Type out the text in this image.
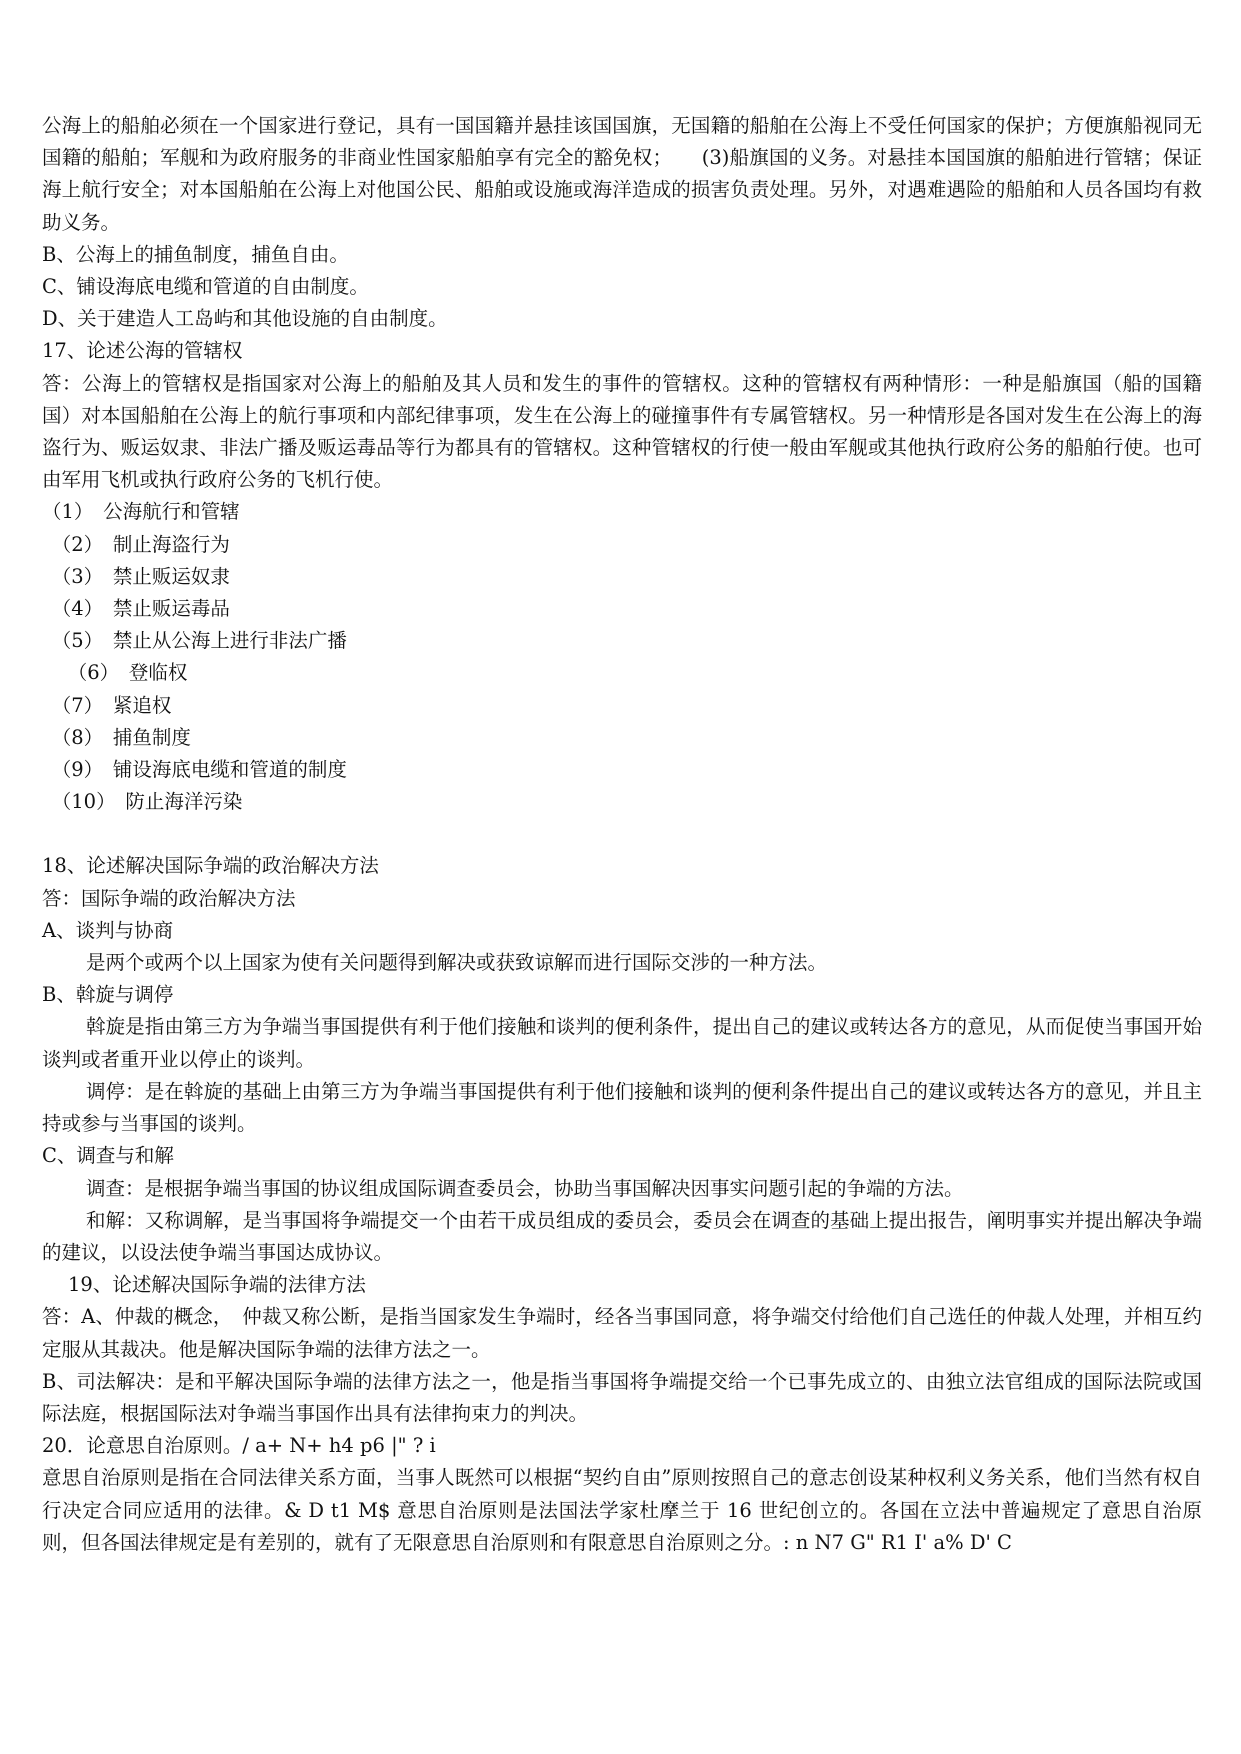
公海上的船舶必须在一个国家进行登记，具有一国国籍并悬挂该国国旗，无国籍的船舶在公海上不受任何国家的保护；方便旗船视同无国籍的船舶；军舰和为政府服务的非商业性国家船舶享有完全的豁免权；　　(3)船旗国的义务。对悬挂本国国旗的船舶进行管辖；保证海上航行安全；对本国船舶在公海上对他国公民、船舶或设施或海洋造成的损害负责处理。另外，对遇难遇险的船舶和人员各国均有救助义务。
B、公海上的捕鱼制度，捕鱼自由。
C、铺设海底电缆和管道的自由制度。
D、关于建造人工岛屿和其他设施的自由制度。
17、论述公海的管辖权
答：公海上的管辖权是指国家对公海上的船舶及其人员和发生的事件的管辖权。这种的管辖权有两种情形：一种是船旗国（船的国籍国）对本国船舶在公海上的航行事项和内部纪律事项，发生在公海上的碰撞事件有专属管辖权。另一种情形是各国对发生在公海上的海盗行为、贩运奴隶、非法广播及贩运毒品等行为都具有的管辖权。这种管辖权的行使一般由军舰或其他执行政府公务的船舶行使。也可由军用飞机或执行政府公务的飞机行使。
（1）　公海航行和管辖
　（2）　制止海盗行为
　（3）　禁止贩运奴隶
　（4）　禁止贩运毒品
　（5）　禁止从公海上进行非法广播
　 （6）　登临权
　（7）　紧追权
　（8）　捕鱼制度
　（9）　铺设海底电缆和管道的制度
　（10）　防止海洋污染
18、论述解决国际争端的政治解决方法
答：国际争端的政治解决方法
A、谈判与协商
是两个或两个以上国家为使有关问题得到解决或获致谅解而进行国际交涉的一种方法。
B、斡旋与调停
斡旋是指由第三方为争端当事国提供有利于他们接触和谈判的便利条件，提出自己的建议或转达各方的意见，从而促使当事国开始谈判或者重开业以停止的谈判。
调停：是在斡旋的基础上由第三方为争端当事国提供有利于他们接触和谈判的便利条件提出自己的建议或转达各方的意见，并且主持或参与当事国的谈判。
C、调查与和解
调查：是根据争端当事国的协议组成国际调查委员会，协助当事国解决因事实问题引起的争端的方法。
和解：又称调解，是当事国将争端提交一个由若干成员组成的委员会，委员会在调查的基础上提出报告，阐明事实并提出解决争端的建议，以设法使争端当事国达成协议。
19、论述解决国际争端的法律方法
答：A、仲裁的概念，　仲裁又称公断，是指当国家发生争端时，经各当事国同意，将争端交付给他们自己选任的仲裁人处理，并相互约定服从其裁决。他是解决国际争端的法律方法之一。
B、司法解决：是和平解决国际争端的法律方法之一，他是指当事国将争端提交给一个已事先成立的、由独立法官组成的国际法院或国际法庭，根据国际法对争端当事国作出具有法律拘束力的判决。
20．论意思自治原则。/ a+ N+ h4 p6 |" ? i
意思自治原则是指在合同法律关系方面，当事人既然可以根据“契约自由”原则按照自己的意志创设某种权利义务关系，他们当然有权自行决定合同应适用的法律。& D t1 M$ 意思自治原则是法国法学家杜摩兰于 16 世纪创立的。各国在立法中普遍规定了意思自治原则，但各国法律规定是有差别的，就有了无限意思自治原则和有限意思自治原则之分。: n N7 G" R1 I' a% D' C
